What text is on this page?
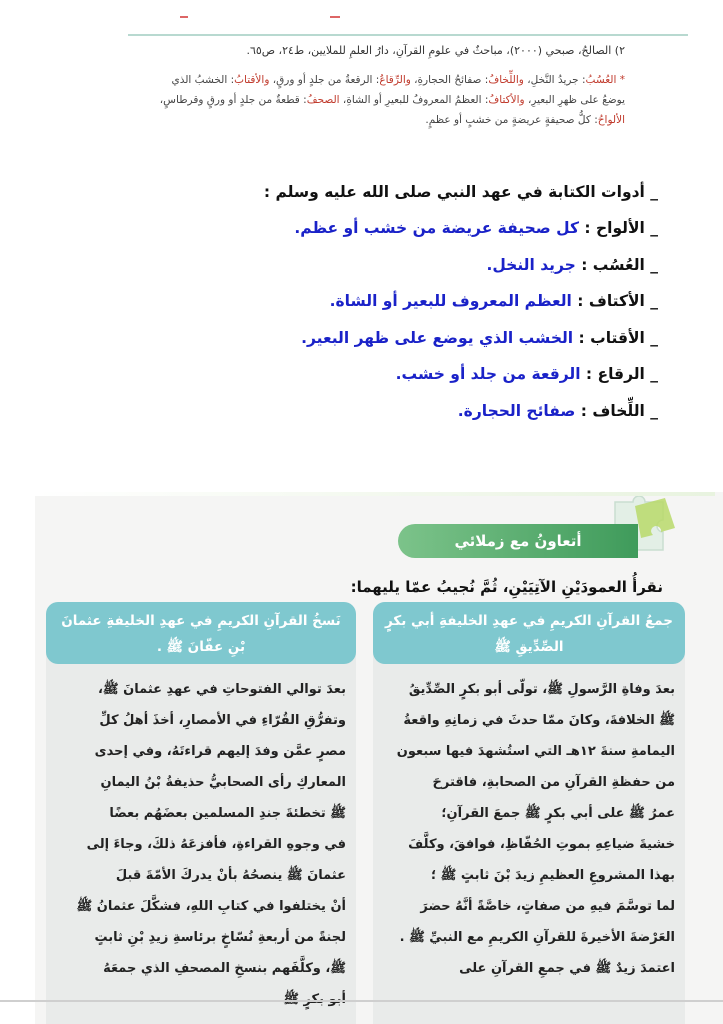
٢) الصالحُ، صبحي (٢٠٠٠)، مباحثٌ في علومِ القرآنِ، دارُ العلمِ للملايين، ط٢٤، ص٦٥.
* العُسُبُ: جريدُ النَّخلِ، واللِّخافُ: صفائحُ الحجارةِ، والرِّقاعُ: الرقعةُ من جلدٍ أو ورقٍ، والأقتابُ: الخشبُ الذي
يوضعُ على ظهرِ البعيرِ، والأكتافُ: العظمُ المعروفُ للبعيرِ أو الشاةِ، الصحفُ: قطعةٌ من جلدٍ أو ورقٍ وقرطاسٍ،
الألواحُ: كلُّ صحيفةٍ عريضةٍ من خشبٍ أو عظمٍ.
_ أدوات الكتابة في عهد النبي صلى الله عليه وسلم :
_ الألواح : كل صحيفة عريضة من خشب أو عظم.
_ العُسُب : جريد النخل.
_ الأكتاف : العظم المعروف للبعير أو الشاة.
_ الأقتاب : الخشب الذي يوضع على ظهر البعير.
_ الرقاع : الرقعة من جلد أو خشب.
_ اللِّخاف : صفائح الحجارة.
أتعاونُ مع زملائي
نقرأُ العمودَيْنِ الآتِيَيْنِ، ثُمَّ نُجيبُ عمّا يليهما:
جمعُ القرآنِ الكريمِ في عهدِ الخليفةِ أبي بكرٍ الصِّدِّيقِ ﷺ
بعدَ وفاةِ الرَّسولِ ﷺ، تولّى أبو بكرٍ الصِّدِّيقُ
ﷺ الخلافةَ، وكانَ ممّا حدثَ في زمانِهِ واقعةُ
اليمامةِ سنةَ ١٢هـ التي استُشهدَ فيها سبعون
من حفظةِ القرآنِ من الصحابةِ، فاقترحَ
عمرُ ﷺ على أبي بكرٍ ﷺ جمعَ القرآنِ؛
خشيةَ ضياعِهِ بموتِ الحُفّاظِ، فوافقَ، وكلَّفَ
بهذا المشروعِ العظيمِ زيدَ بْنَ ثابتٍ ﷺ ؛
لما توسَّمَ فيهِ من صفاتٍ، خاصَّةً أنَّهُ حضرَ
العَرْضةَ الأخيرةَ للقرآنِ الكريمِ مع النبيِّ ﷺ .
اعتمدَ زيدٌ ﷺ في جمعِ القرآنِ على
نَسخُ القرآنِ الكريمِ في عهدِ الخليفةِ عثمانَ بْنِ عفّانَ ﷺ .
بعدَ توالي الفتوحاتِ في عهدِ عثمانَ ﷺ،
وتفرُّقِ القُرّاءِ في الأمصارِ، أخذَ أهلُ كلِّ
مصرٍ عمَّن وفدَ إليهم قراءتَهُ، وفي إحدى
المعاركِ رأى الصحابيُّ حذيفةُ بْنُ اليمانِ
ﷺ تخطئةَ جندِ المسلمين بعضَهُم بعضًا
في وجوهِ القراءةِ، فأفزعَهُ ذلكَ، وجاءَ إلى
عثمانَ ﷺ ينصحُهُ بأنْ يدركَ الأمّةَ قبلَ
أنْ يختلفوا في كتابِ اللهِ، فشكَّلَ عثمانُ ﷺ
لجنةً من أربعةِ نُسّاخٍ برئاسةِ زيدِ بْنِ ثابتٍ
ﷺ، وكلَّفَهم بنسخِ المصحفِ الذي جمعَهُ
